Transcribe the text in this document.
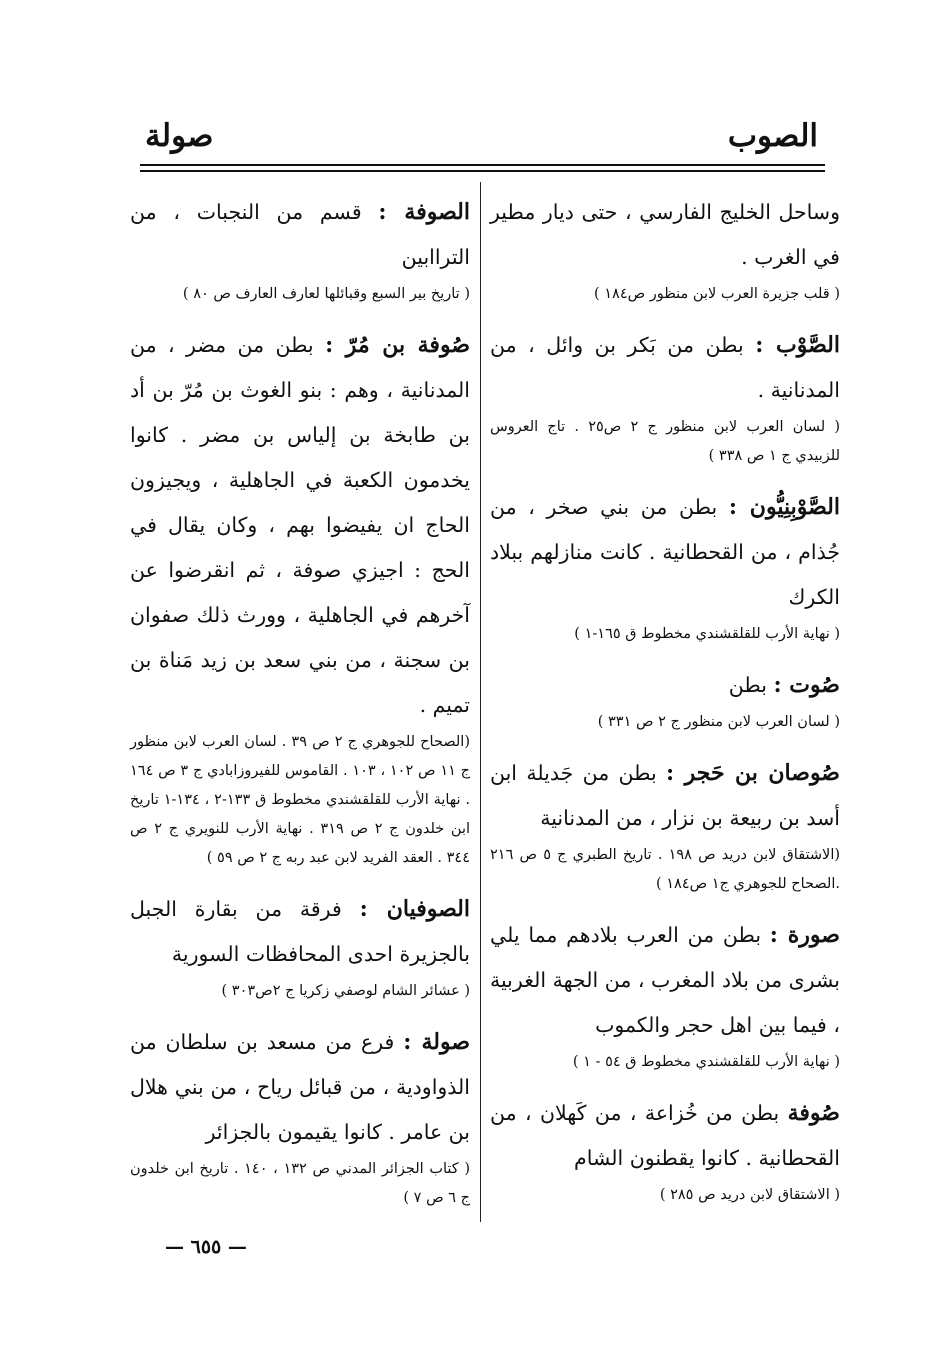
الصوب
صولة

وساحل الخليج الفارسي ، حتى ديار مطير في الغرب .

( قلب جزيرة العرب لابن منظور ص١٨٤ )

الصَّوْب : بطن من بَكر بن وائل ، من المدنانية .

( لسان العرب لابن منظور ج ٢ ص٢٥ . تاج العروس للزبيدي ج ١ ص ٣٣٨ )

الصَّوْبِنِيُّون : بطن من بني صخر ، من جُذام ، من القحطانية . كانت منازلهم ببلاد الكرك

( نهاية الأرب للقلقشندي مخطوط ق ١٦٥-١ )

صُوت : بطن

( لسان العرب لابن منظور ج ٢ ص ٣٣١ )

صُوصان بن حَجر : بطن من جَديلة ابن أسد بن ربيعة بن نزار ، من المدنانية

(الاشتقاق لابن دريد ص ١٩٨ . تاريخ الطبري ج ٥ ص ٢١٦ .الصحاح للجوهري ج١ ص١٨٤ )

صورة : بطن من العرب بلادهم مما يلي بشرى من بلاد المغرب ، من الجهة الغربية ، فيما بين اهل حجر والكموب

( نهاية الأرب للقلقشندي مخطوط ق ٥٤ - ١ )

صُوفة بطن من خُزاعة ، من كَهلان ، من القحطانية . كانوا يقطنون الشام

( الاشتقاق لابن دريد ص ٢٨٥ )

الصوفة : قسم من النجبات ، من التراابين

( تاريخ بير السبع وقبائلها لعارف العارف ص ٨٠ )

صُوفة بن مُرّ : بطن من مضر ، من المدنانية ، وهم : بنو الغوث بن مُرّ بن أد بن طابخة بن إلياس بن مضر . كانوا يخدمون الكعبة في الجاهلية ، ويجيزون الحاج ان يفيضوا بهم ، وكان يقال في الحج : اجيزي صوفة ، ثم انقرضوا عن آخرهم في الجاهلية ، وورث ذلك صفوان بن سجنة ، من بني سعد بن زيد مَناة بن تميم .

(الصحاح للجوهري ج ٢ ص ٣٩ . لسان العرب لابن منظور ج ١١ ص ١٠٢ ، ١٠٣ . القاموس للفيروزابادي ج ٣ ص ١٦٤ . نهاية الأرب للقلقشندي مخطوط ق ١٣٣-٢ ، ١٣٤-١ تاريخ ابن خلدون ج ٢ ص ٣١٩ . نهاية الأرب للنويري ج ٢ ص ٣٤٤ . العقد الفريد لابن عبد ربه ج ٢ ص ٥٩ )

الصوفيان : فرقة من بقارة الجبل بالجزيرة احدى المحافظات السورية

( عشائر الشام لوصفي زكريا ج ٢ص٣٠٣ )

صولة : فرع من مسعد بن سلطان من الذواودية ، من قبائل رياح ، من بني هلال بن عامر . كانوا يقيمون بالجزائر

( كتاب الجزائر المدني ص ١٣٢ ، ١٤٠ . تاريخ ابن خلدون ج ٦ ص ٧ )

— ٦٥٥ —
